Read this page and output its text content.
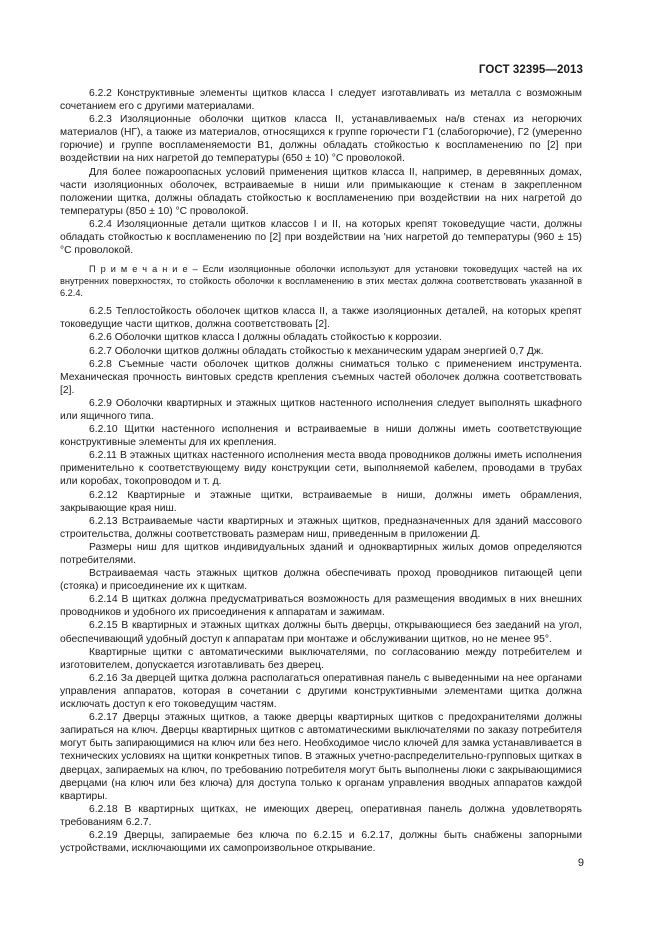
ГОСТ 32395—2013

6.2.2 Конструктивные элементы щитков класса I следует изготавливать из металла с возможным сочетанием его с другими материалами.

6.2.3 Изоляционные оболочки щитков класса II, устанавливаемых на/в стенах из негорючих материалов (НГ), а также из материалов, относящихся к группе горючести Г1 (слабогорючие), Г2 (умеренно горючие) и группе воспламеняемости В1, должны обладать стойкостью к воспламенению по [2] при воздействии на них нагретой до температуры (650 ± 10) °С проволокой.

Для более пожароопасных условий применения щитков класса II, например, в деревянных домах, части изоляционных оболочек, встраиваемые в ниши или примыкающие к стенам в закрепленном положении щитка, должны обладать стойкостью к воспламенению при воздействии на них нагретой до температуры (850 ± 10) °С проволокой.

6.2.4 Изоляционные детали щитков классов I и II, на которых крепят токоведущие части, должны обладать стойкостью к воспламенению по [2] при воздействии на 'них нагретой до температуры (960 ± 15) °С проволокой.

П р и м е ч а н и е – Если изоляционные оболочки используют для установки токоведущих частей на их внутренних поверхностях, то стойкость оболочки к воспламенению в этих местах должна соответствовать указанной в 6.2.4.

6.2.5 Теплостойкость оболочек щитков класса II, а также изоляционных деталей, на которых крепят токоведущие части щитков, должна соответствовать [2].

6.2.6 Оболочки щитков класса I должны обладать стойкостью к коррозии.

6.2.7 Оболочки щитков должны обладать стойкостью к механическим ударам энергией 0,7 Дж.

6.2.8 Съемные части оболочек щитков должны сниматься только с применением инструмента. Механическая прочность винтовых средств крепления съемных частей оболочек должна соответствовать [2].

6.2.9 Оболочки квартирных и этажных щитков настенного исполнения следует выполнять шкафного или ящичного типа.

6.2.10 Щитки настенного исполнения и встраиваемые в ниши должны иметь соответствующие конструктивные элементы для их крепления.

6.2.11 В этажных щитках настенного исполнения места ввода проводников должны иметь исполнения применительно к соответствующему виду конструкции сети, выполняемой кабелем, проводами в трубах или коробах, токопроводом и т. д.

6.2.12 Квартирные и этажные щитки, встраиваемые в ниши, должны иметь обрамления, закрывающие края ниш.

6.2.13 Встраиваемые части квартирных и этажных щитков, предназначенных для зданий массового строительства, должны соответствовать размерам ниш, приведенным в приложении Д.

Размеры ниш для щитков индивидуальных зданий и одноквартирных жилых домов определяются потребителями.

Встраиваемая часть этажных щитков должна обеспечивать проход проводников питающей цепи (стояка) и присоединение их к щиткам.

6.2.14 В щитках должна предусматриваться возможность для размещения вводимых в них внешних проводников и удобного их присоединения к аппаратам и зажимам.

6.2.15 В квартирных и этажных щитках должны быть дверцы, открывающиеся без заеданий на угол, обеспечивающий удобный доступ к аппаратам при монтаже и обслуживании щитков, но не менее 95°.

Квартирные щитки с автоматическими выключателями, по согласованию между потребителем и изготовителем, допускается изготавливать без дверец.

6.2.16 За дверцей щитка должна располагаться оперативная панель с выведенными на нее органами управления аппаратов, которая в сочетании с другими конструктивными элементами щитка должна исключать доступ к его токоведущим частям.

6.2.17 Дверцы этажных щитков, а также дверцы квартирных щитков с предохранителями должны запираться на ключ. Дверцы квартирных щитков с автоматическими выключателями по заказу потребителя могут быть запирающимися на ключ или без него. Необходимое число ключей для замка устанавливается в технических условиях на щитки конкретных типов. В этажных учетно-распределительно-групповых щитках в дверцах, запираемых на ключ, по требованию потребителя могут быть выполнены люки с закрывающимися дверцами (на ключ или без ключа) для доступа только к органам управления вводных аппаратов каждой квартиры.

6.2.18 В квартирных щитках, не имеющих дверец, оперативная панель должна удовлетворять требованиям 6.2.7.

6.2.19 Дверцы, запираемые без ключа по 6.2.15 и 6.2.17, должны быть снабжены запорными устройствами, исключающими их самопроизвольное открывание.

9
